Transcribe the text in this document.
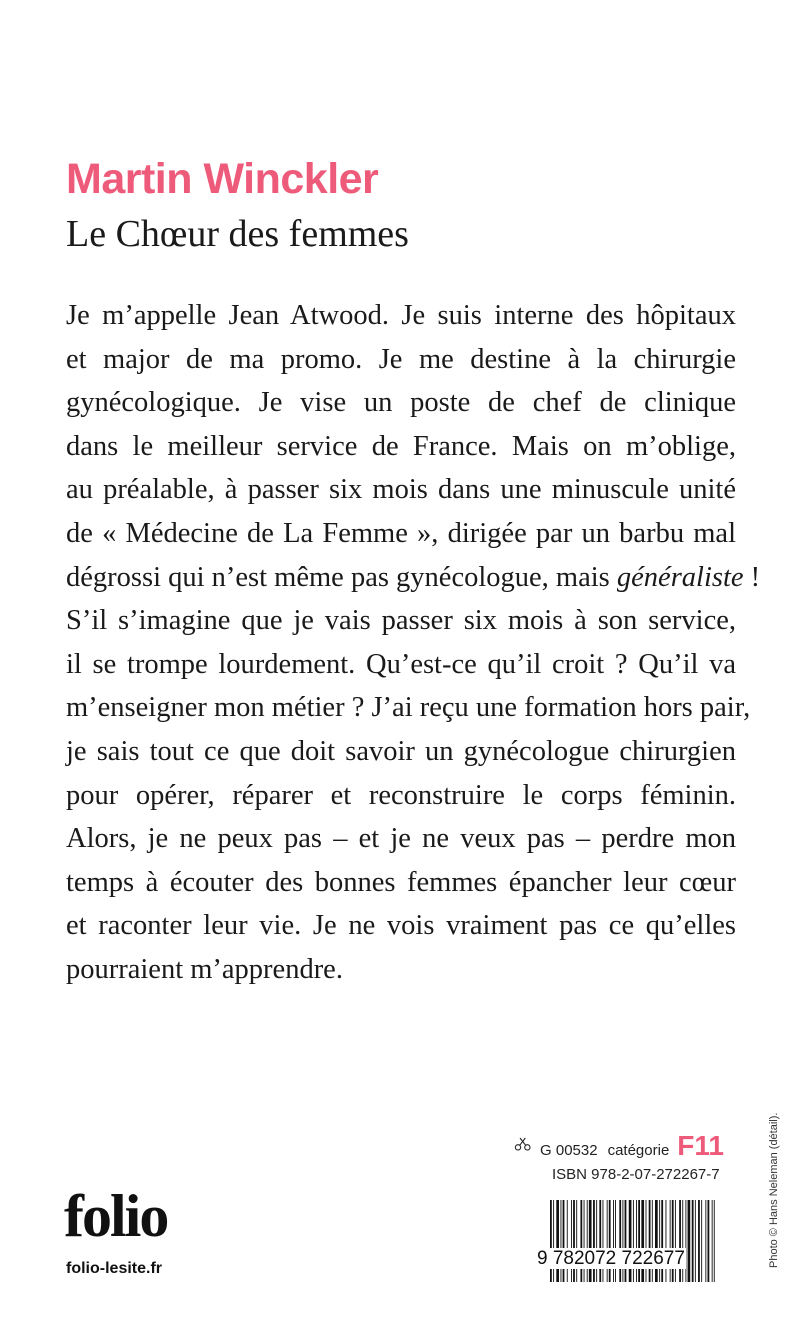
Martin Winckler
Le Chœur des femmes
Je m’appelle Jean Atwood. Je suis interne des hôpitaux
et major de ma promo. Je me destine à la chirurgie
gynécologique. Je vise un poste de chef de clinique
dans le meilleur service de France. Mais on m’oblige,
au préalable, à passer six mois dans une minuscule unité
de « Médecine de La Femme », dirigée par un barbu mal
dégrossi qui n’est même pas gynécologue, mais généraliste !
S’il s’imagine que je vais passer six mois à son service,
il se trompe lourdement. Qu’est-ce qu’il croit ? Qu’il va
m’enseigner mon métier ? J’ai reçu une formation hors pair,
je sais tout ce que doit savoir un gynécologue chirurgien
pour opérer, réparer et reconstruire le corps féminin.
Alors, je ne peux pas – et je ne veux pas – perdre mon
temps à écouter des bonnes femmes épancher leur cœur
et raconter leur vie. Je ne vois vraiment pas ce qu’elles
pourraient m’apprendre.
G 00532 catégorie F11
ISBN 978-2-07-272267-7
9 782072 722677
folio
folio-lesite.fr
Photo © Hans Neleman (détail).
